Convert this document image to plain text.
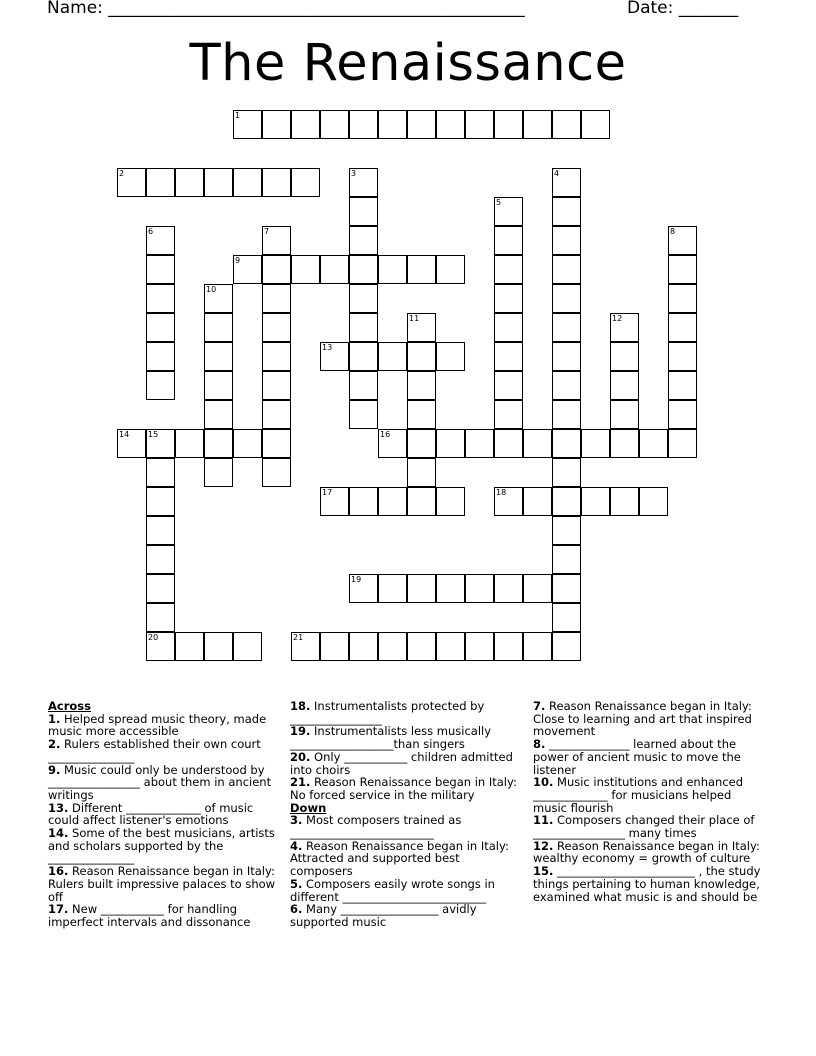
Name: _________________________________________________	Date: _______
The Renaissance
1
2	3	4
5
6	7	8
9
10
11	12
13
14 15
20
16
17	18
19
21
Across
1. Helped spread music theory, made music more accessible
2. Rulers established their own court _______________
9. Music could only be understood by ________________ about them in ancient writings
13. Different _____________ of music could affect listener's emotions
14. Some of the best musicians, artists and scholars supported by the _______________
16. Reason Renaissance began in Italy: Rulers built impressive palaces to show off
17. New ___________ for handling imperfect intervals and dissonance
18. Instrumentalists protected by ________________
19. Instrumentalists less musically __________________than singers
20. Only ___________ children admitted into choirs
21. Reason Renaissance began in Italy: No forced service in the military
Down
3. Most composers trained as _________________________
4. Reason Renaissance began in Italy: Attracted and supported best composers
5. Composers easily wrote songs in different _________________________
6. Many _________________ avidly supported music
7. Reason Renaissance began in Italy: Close to learning and art that inspired movement
8. ______________ learned about the power of ancient music to move the listener
10. Music institutions and enhanced _____________ for musicians helped music flourish
11. Composers changed their place of ________________ many times
12. Reason Renaissance began in Italy: wealthy economy = growth of culture
15. ________________________ , the study things pertaining to human knowledge, examined what music is and should be
